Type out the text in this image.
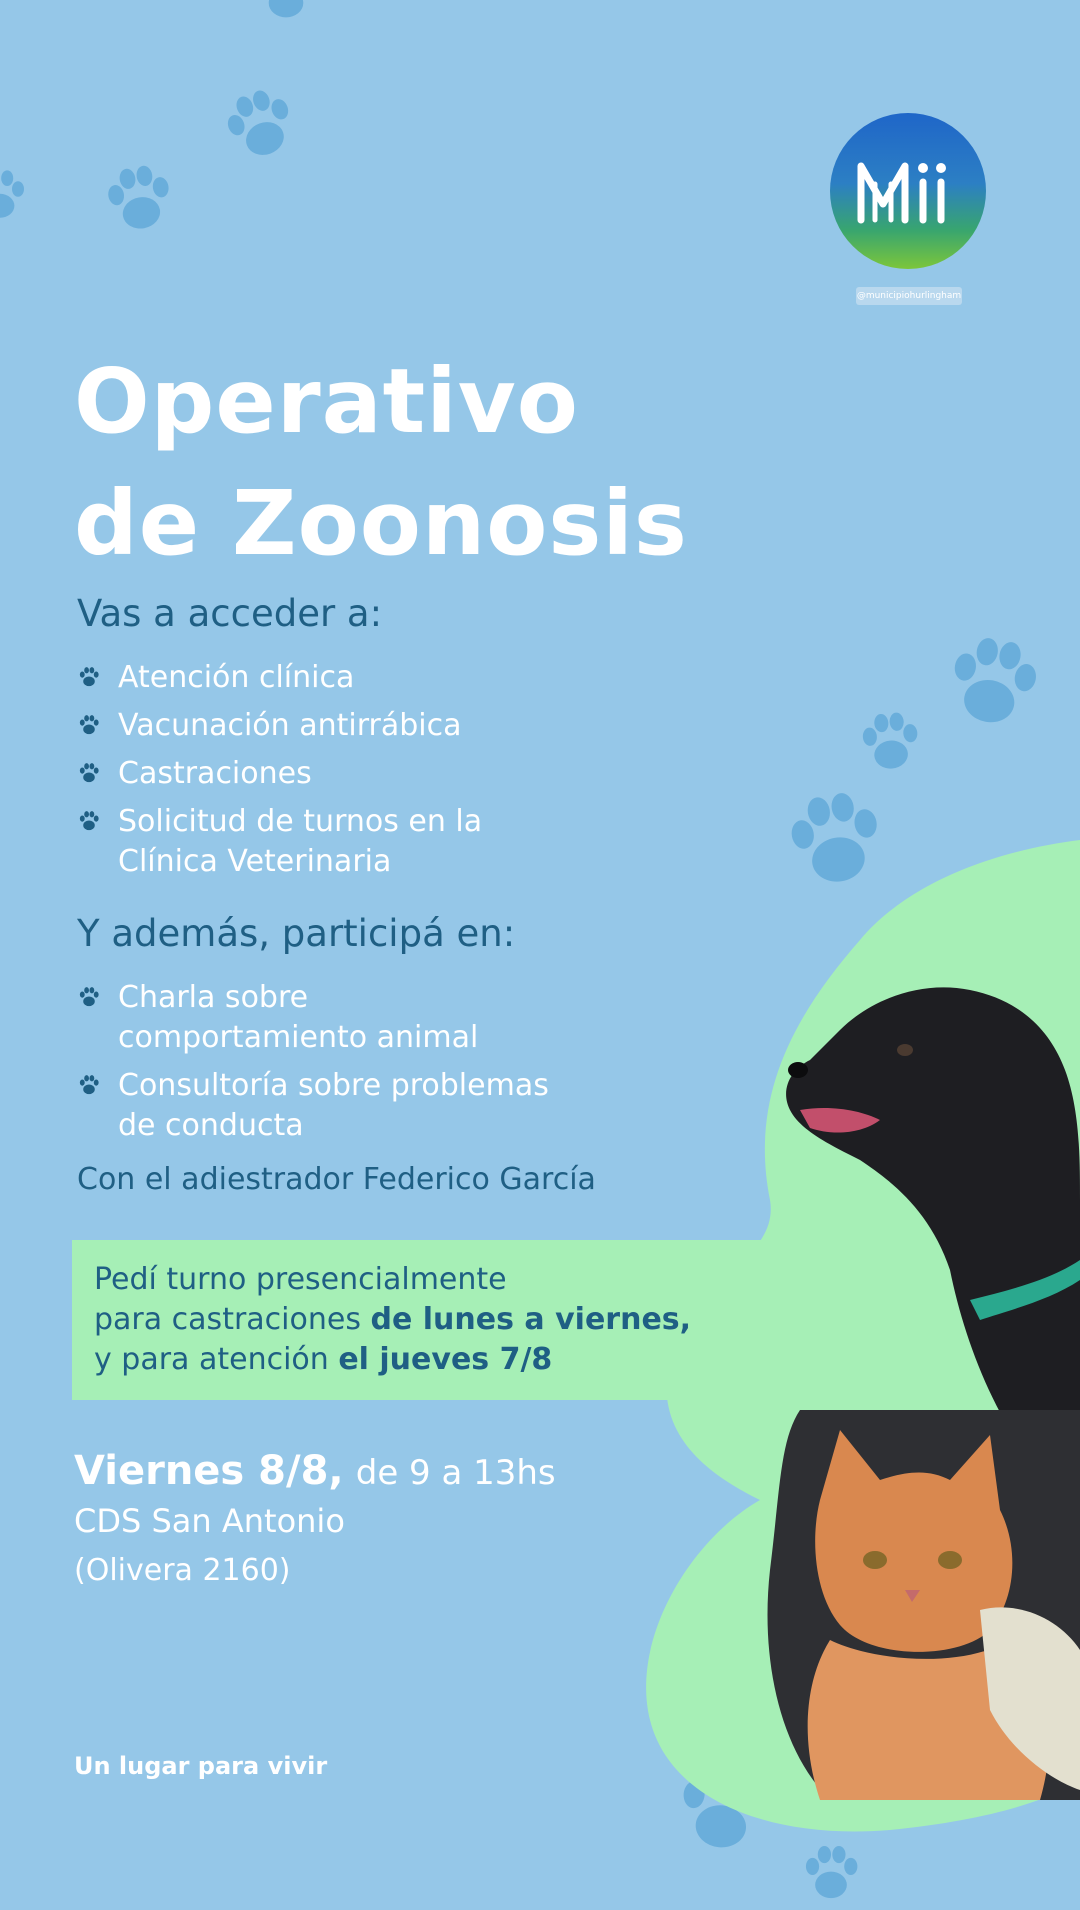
@municipiohurlingham
Operativo
de Zoonosis
Vas a acceder a:
Atención clínica
Vacunación antirrábica
Castraciones
Solicitud de turnos en la Clínica Veterinaria
Y además, participá en:
Charla sobre comportamiento animal
Consultoría sobre problemas de conducta

Con el adiestrador Federico García

Pedí turno presencialmente

para castraciones de lunes a viernes,

y para atención el jueves 7/8

Viernes 8/8, de 9 a 13hs

CDS San Antonio

(Olivera 2160)

Un lugar para vivir
